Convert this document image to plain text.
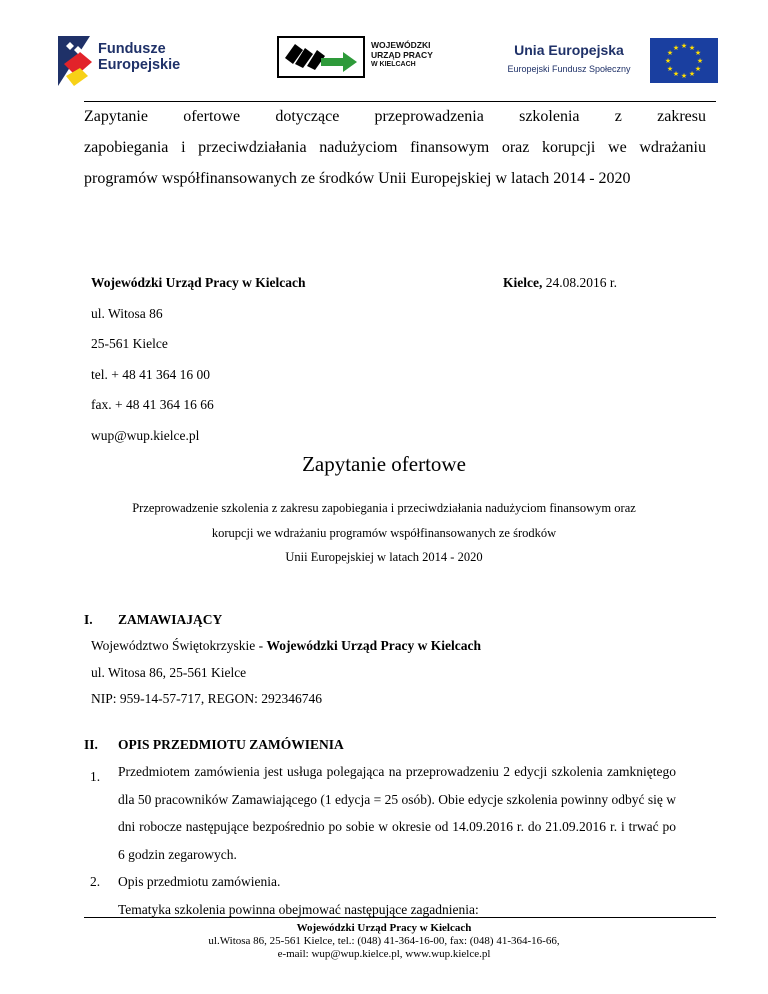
Fundusze
Europejskie
WOJEWÓDZKI
URZĄD PRACY
W KIELCACH
Unia Europejska
Europejski Fundusz Społeczny
★ ★
★
★
★
★
★
★
★
★
★
★
Zapytanie ofertowe dotyczące przeprowadzenia szkolenia z zakresu
zapobiegania i przeciwdziałania nadużyciom finansowym oraz korupcji we wdrażaniu programów współfinansowanych ze środków Unii Europejskiej w latach 2014 - 2020
Wojewódzki Urząd Pracy w Kielcach
ul. Witosa 86
25-561 Kielce
tel. + 48 41 364 16 00
fax. + 48 41 364 16 66
wup@wup.kielce.pl
Kielce, 24.08.2016 r.
Zapytanie ofertowe
Przeprowadzenie szkolenia z zakresu zapobiegania i przeciwdziałania nadużyciom finansowym oraz
korupcji we wdrażaniu programów współfinansowanych ze środków
Unii Europejskiej w latach 2014 - 2020
I. ZAMAWIAJĄCY
Województwo Świętokrzyskie - Wojewódzki Urząd Pracy w Kielcach
ul. Witosa 86, 25-561 Kielce
NIP: 959-14-57-717, REGON: 292346746
II. OPIS PRZEDMIOTU ZAMÓWIENIA
1. Przedmiotem zamówienia jest usługa polegająca na przeprowadzeniu 2 edycji szkolenia zamkniętego dla 50 pracowników Zamawiającego (1 edycja = 25 osób). Obie edycje szkolenia powinny odbyć się w dni robocze następujące bezpośrednio po sobie w okresie od 14.09.2016 r. do 21.09.2016 r. i trwać po 6 godzin zegarowych.
2. Opis przedmiotu zamówienia.
Tematyka szkolenia powinna obejmować następujące zagadnienia:
Wojewódzki Urząd Pracy w Kielcach
ul.Witosa 86, 25-561 Kielce, tel.: (048) 41-364-16-00, fax: (048) 41-364-16-66,
e-mail: wup@wup.kielce.pl, www.wup.kielce.pl
